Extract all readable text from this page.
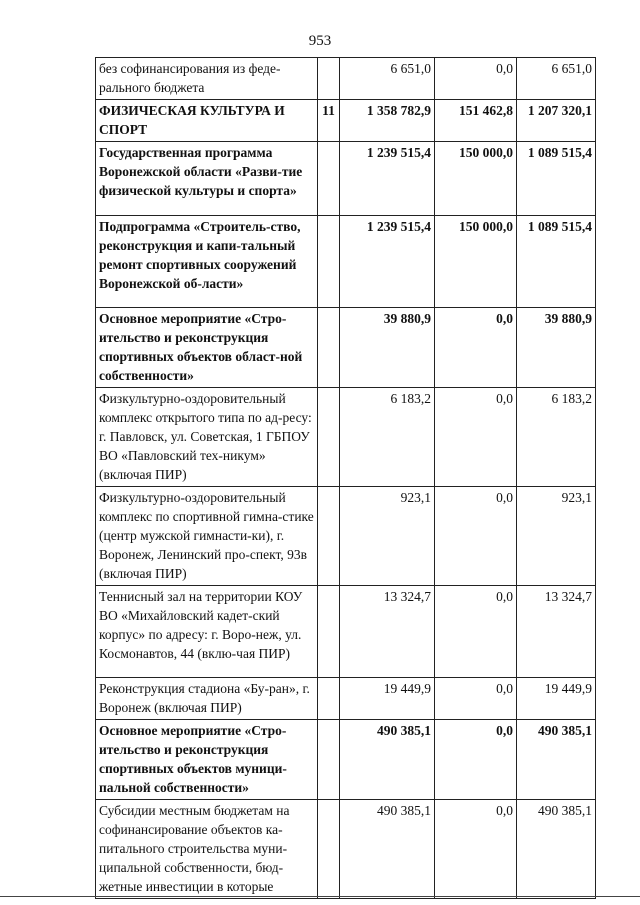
953
без софинансирования из феде-ральнoго бюджета		6 651,0	0,0	6 651,0
ФИЗИЧЕСКАЯ КУЛЬТУРА И СПОРТ	11	1 358 782,9	151 462,8	1 207 320,1
Государственная программа Воронежской области «Разви-тие физической культуры и спорта»		1 239 515,4	150 000,0	1 089 515,4
Подпрограмма «Строитель-ство, реконструкция и капи-тальный ремонт спортивных сооружений Воронежской об-ласти»		1 239 515,4	150 000,0	1 089 515,4
Основное мероприятие «Стро-ительство и реконструкция спортивных объектов област-ной собственности»		39 880,9	0,0	39 880,9
Физкультурно-оздоровительный комплекс открытого типа по ад-ресу: г. Павловск, ул. Советская, 1 ГБПОУ ВО «Павловский тех-никум» (включая ПИР)		6 183,2	0,0	6 183,2
Физкультурно-оздоровительный комплекс по спортивной гимна-стике (центр мужской гимнасти-ки), г. Воронеж, Ленинский про-спект, 93в (включая ПИР)		923,1	0,0	923,1
Теннисный зал на территории КОУ ВО «Михайловский кадет-ский корпус» по адресу: г. Воро-неж, ул. Космонавтов, 44 (вклю-чая ПИР)		13 324,7	0,0	13 324,7
Реконструкция стадиона «Бу-ран», г. Воронеж (включая ПИР)		19 449,9	0,0	19 449,9
Основное мероприятие «Стро-ительство и реконструкция спортивных объектов муници-пальной собственности»		490 385,1	0,0	490 385,1
Субсидии местным бюджетам на софинансирование объектов ка-питального строительства муни-ципальной собственности, бюд-жетные инвестиции в которые		490 385,1	0,0	490 385,1
